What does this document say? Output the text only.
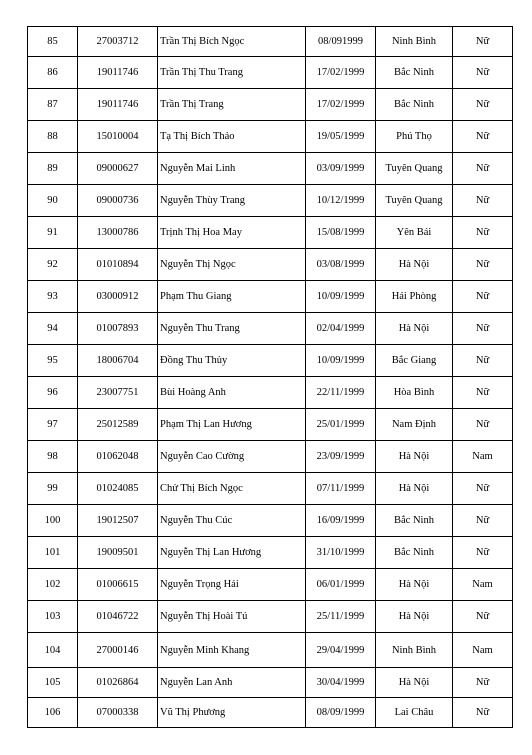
85	27003712	Trần Thị Bích Ngọc	08/091999	Ninh Bình	Nữ
86	19011746	Trần Thị Thu Trang	17/02/1999	Bắc Ninh	Nữ
87	19011746	Trần Thị Trang	17/02/1999	Bắc Ninh	Nữ
88	15010004	Tạ Thị Bích Thảo	19/05/1999	Phú Thọ	Nữ
89	09000627	Nguyễn Mai Linh	03/09/1999	Tuyên Quang	Nữ
90	09000736	Nguyễn Thùy Trang	10/12/1999	Tuyên Quang	Nữ
91	13000786	Trịnh Thị Hoa May	15/08/1999	Yên Bái	Nữ
92	01010894	Nguyễn Thị Ngọc	03/08/1999	Hà Nội	Nữ
93	03000912	Phạm Thu Giang	10/09/1999	Hải Phòng	Nữ
94	01007893	Nguyễn Thu Trang	02/04/1999	Hà Nội	Nữ
95	18006704	Đồng Thu Thủy	10/09/1999	Bắc Giang	Nữ
96	23007751	Bùi Hoàng Anh	22/11/1999	Hòa Bình	Nữ
97	25012589	Phạm Thị Lan Hương	25/01/1999	Nam Định	Nữ
98	01062048	Nguyễn Cao Cường	23/09/1999	Hà Nội	Nam
99	01024085	Chử Thị Bích Ngọc	07/11/1999	Hà Nội	Nữ
100	19012507	Nguyễn Thu Cúc	16/09/1999	Bắc Ninh	Nữ
101	19009501	Nguyễn Thị Lan Hương	31/10/1999	Bắc Ninh	Nữ
102	01006615	Nguyễn Trọng Hải	06/01/1999	Hà Nội	Nam
103	01046722	Nguyễn Thị Hoài Tú	25/11/1999	Hà Nội	Nữ
104	27000146	Nguyễn Minh Khang	29/04/1999	Ninh Bình	Nam
105	01026864	Nguyễn Lan Anh	30/04/1999	Hà Nội	Nữ
106	07000338	Vũ Thị Phương	08/09/1999	Lai Châu	Nữ
